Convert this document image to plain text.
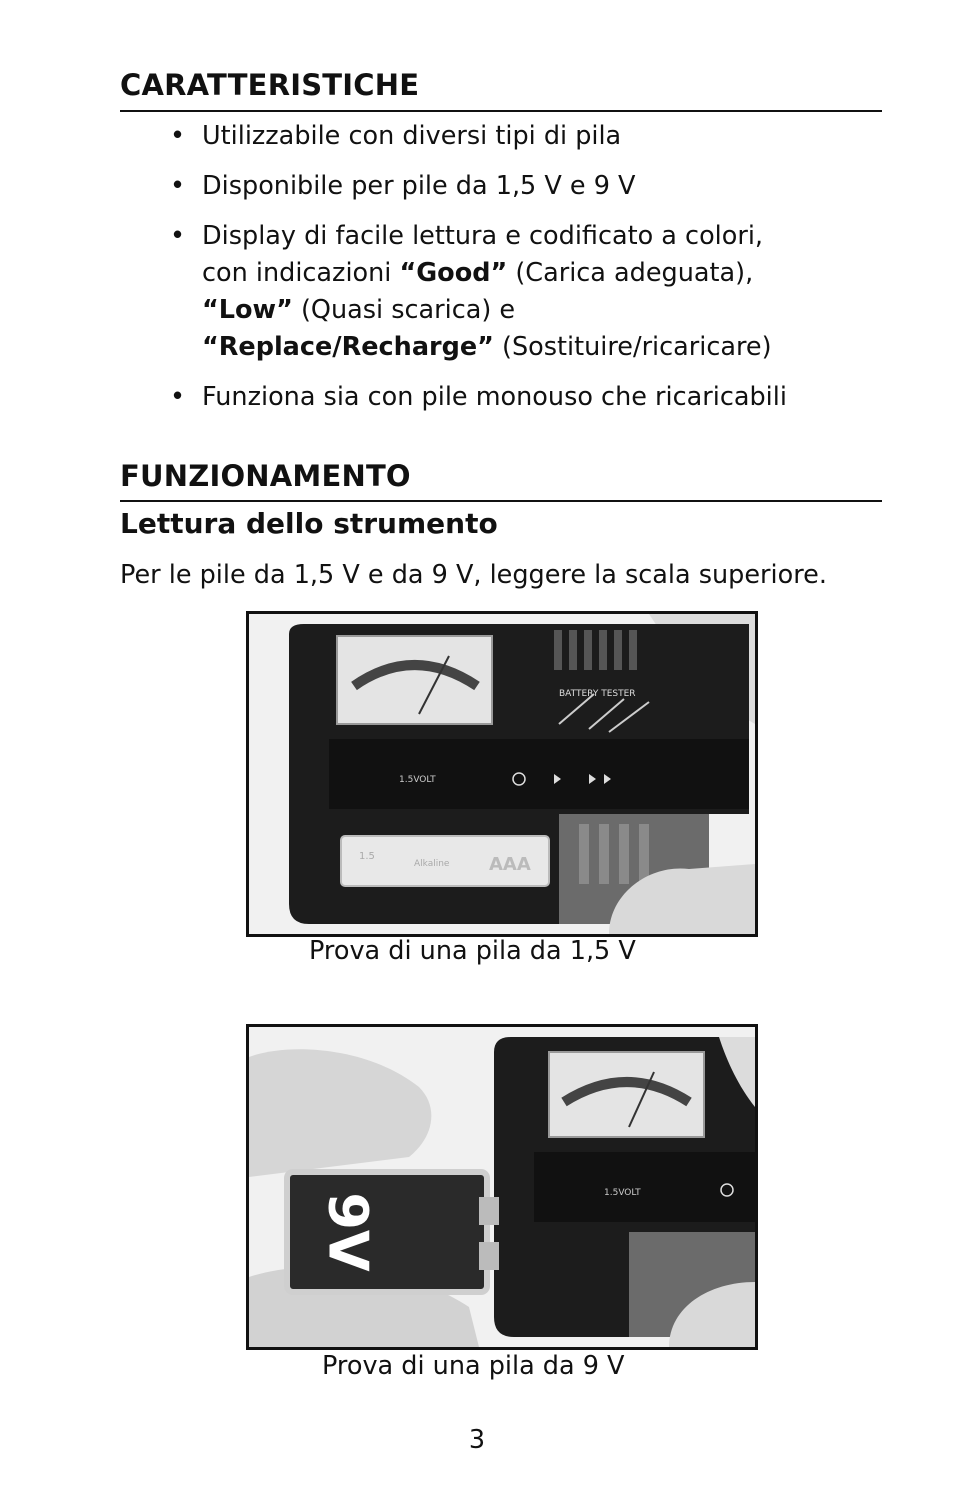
CARATTERISTICHE
• Utilizzabile con diversi tipi di pila
• Disponibile per pile da 1,5 V e 9 V
• Display di facile lettura e codificato a colori, con indicazioni “Good” (Carica adeguata), “Low” (Quasi scarica) e “Replace/Recharge” (Sostituire/ricaricare)
• Funziona sia con pile monouso che ricaricabili
FUNZIONAMENTO
Lettura dello strumento

Per le pile da 1,5 V e da 9 V, leggere la scala superiore.

BATTERY TESTER
1.5VOLT
1.5
Alkaline AAA

Prova di una pila da 1,5 V

1.5VOLT
9V

Prova di una pila da 9 V

3
